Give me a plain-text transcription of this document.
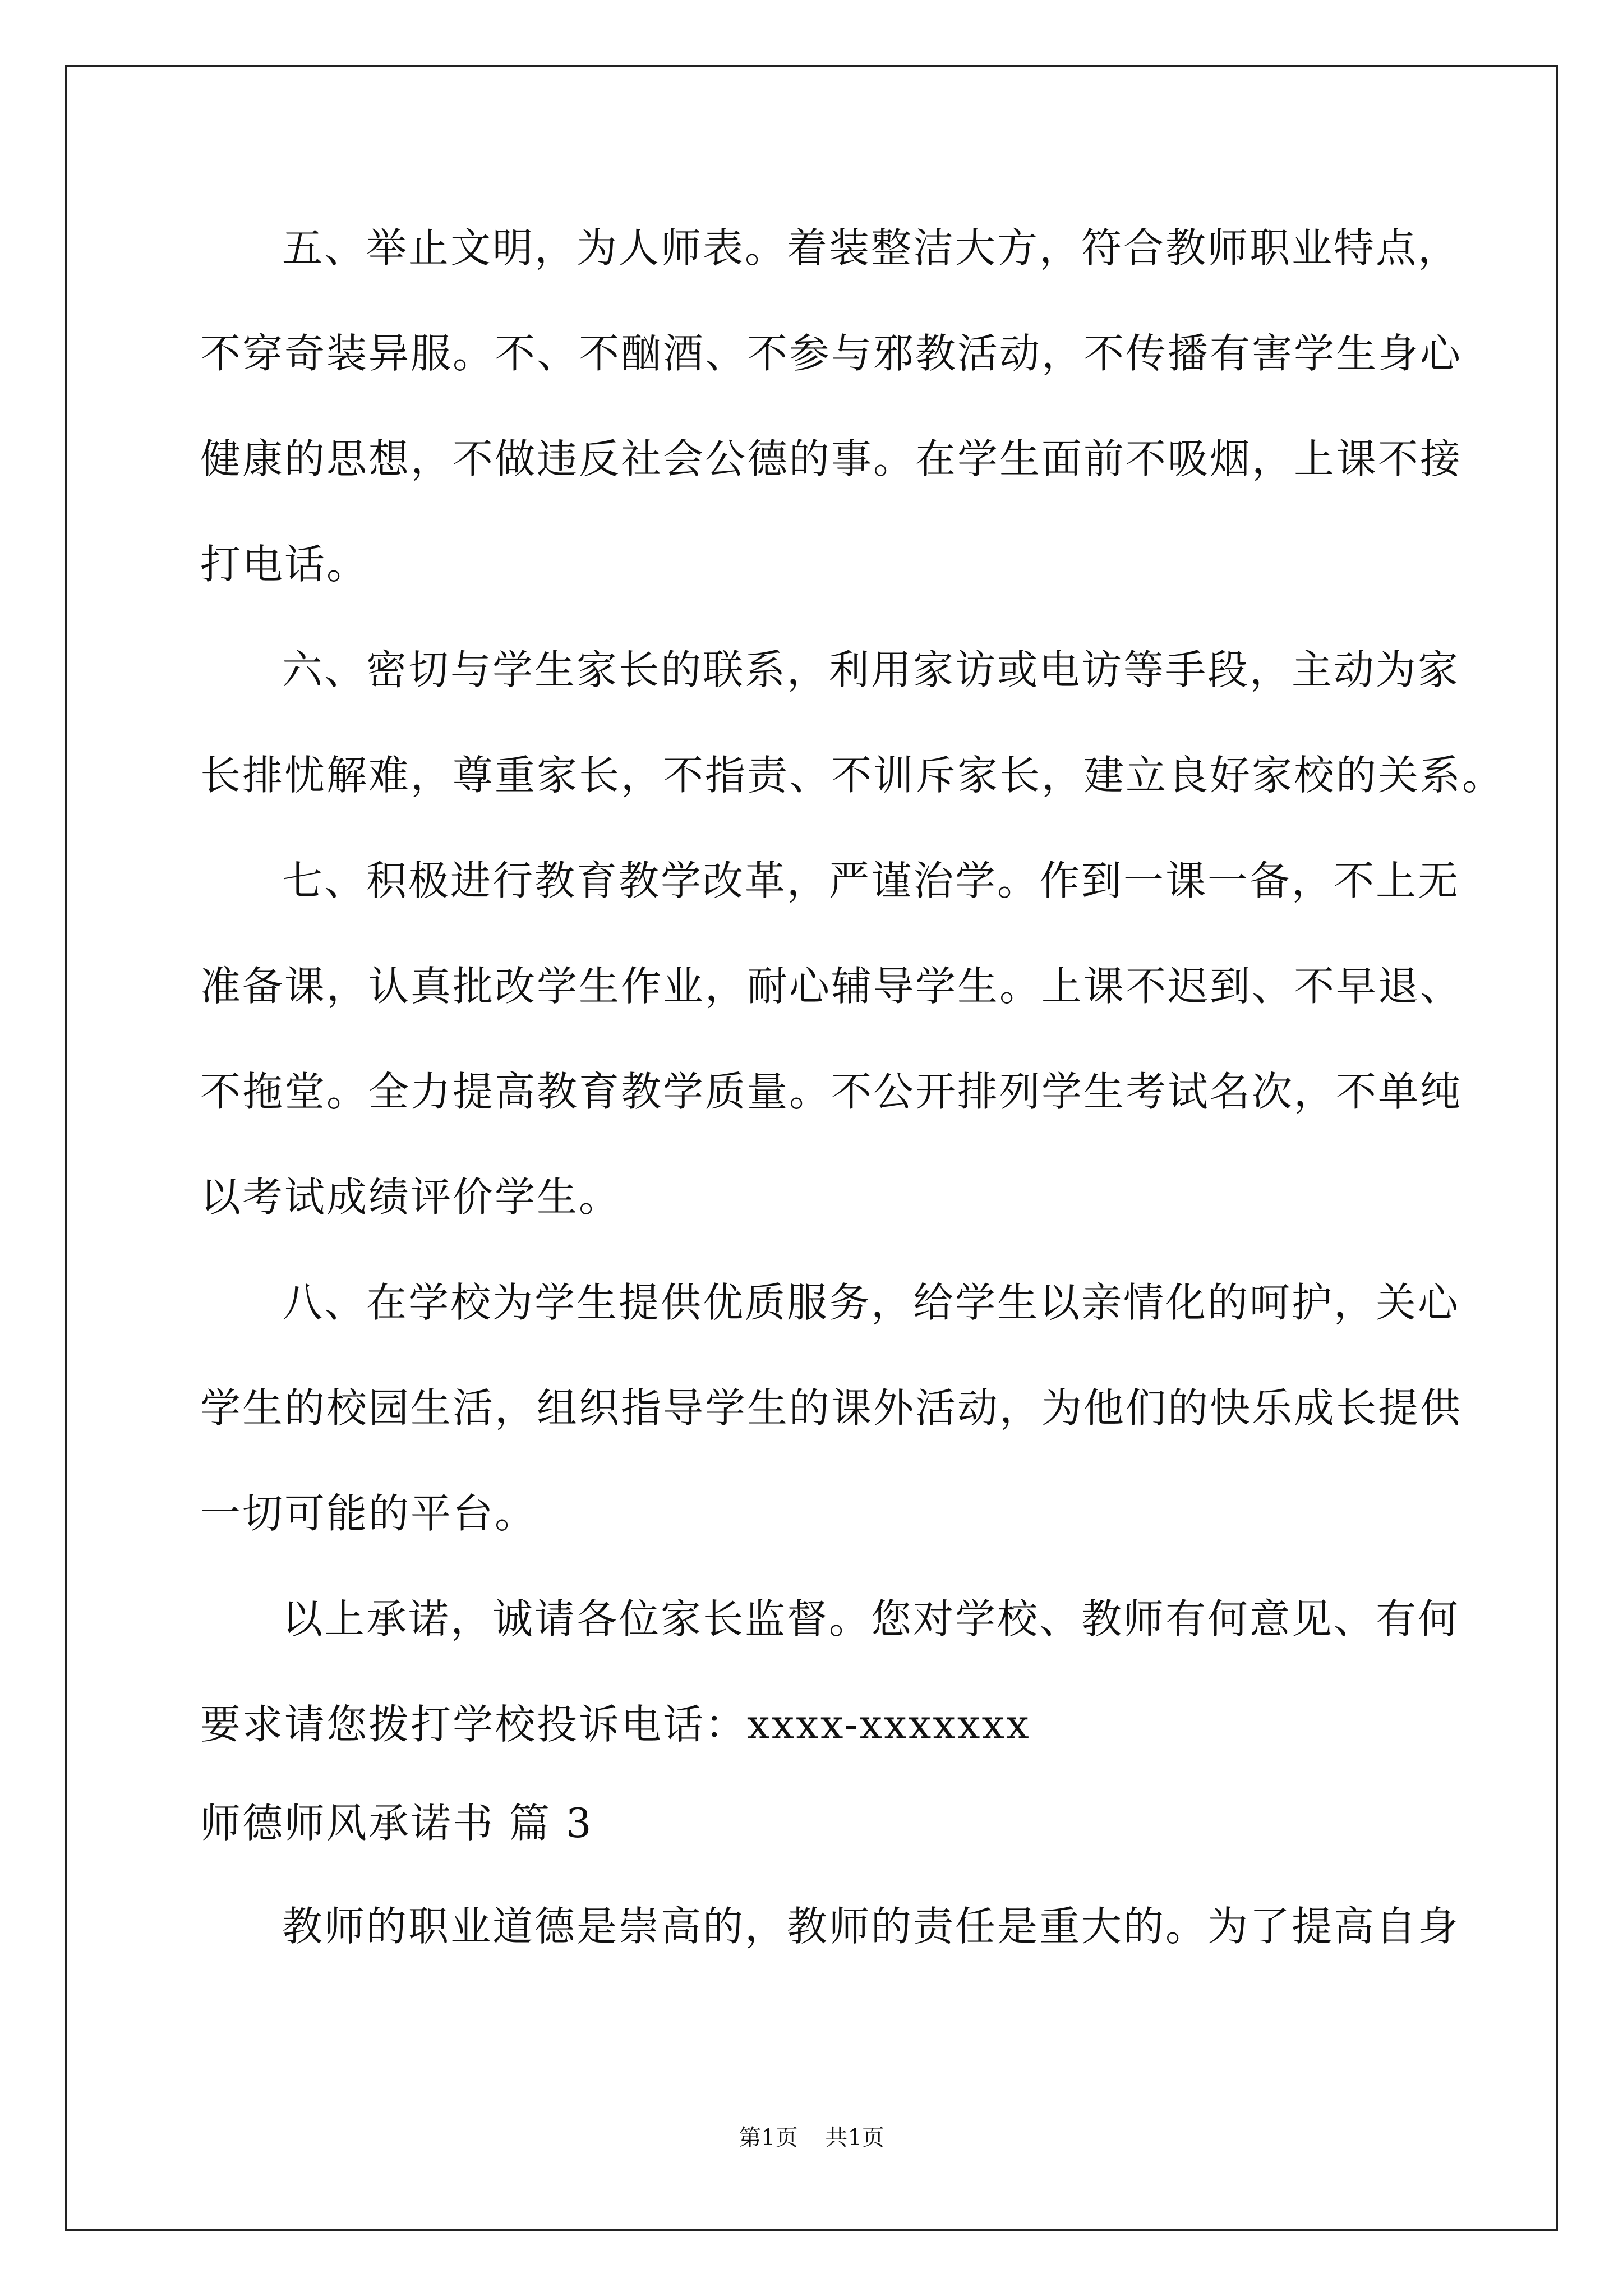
五、举止文明，为人师表。着装整洁大方，符合教师职业特点，
不穿奇装异服。不、不酗酒、不参与邪教活动，不传播有害学生身心
健康的思想，不做违反社会公德的事。在学生面前不吸烟，上课不接
打电话。
六、密切与学生家长的联系，利用家访或电访等手段，主动为家
长排忧解难，尊重家长，不指责、不训斥家长，建立良好家校的关系。
七、积极进行教育教学改革，严谨治学。作到一课一备，不上无
准备课，认真批改学生作业，耐心辅导学生。上课不迟到、不早退、
不拖堂。全力提高教育教学质量。不公开排列学生考试名次，不单纯
以考试成绩评价学生。
八、在学校为学生提供优质服务，给学生以亲情化的呵护，关心
学生的校园生活，组织指导学生的课外活动，为他们的快乐成长提供
一切可能的平台。
以上承诺，诚请各位家长监督。您对学校、教师有何意见、有何
要求请您拨打学校投诉电话：xxxx-xxxxxxx
师德师风承诺书 篇 3
教师的职业道德是崇高的，教师的责任是重大的。为了提高自身
第1页 共1页
